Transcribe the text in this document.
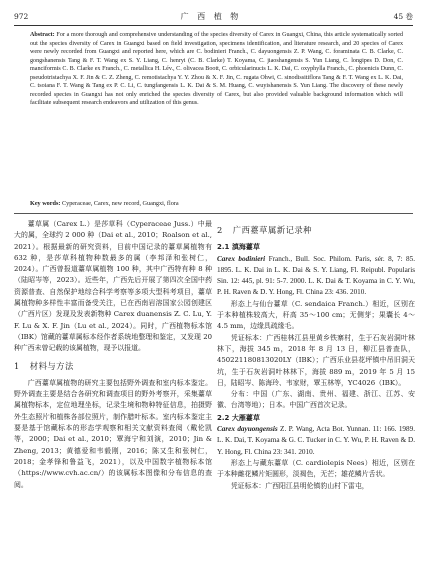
972	广 西 植 物	45 卷
Abstract: For a more thorough and comprehensive understanding of the species diversity of Carex in Guangxi, China, this article systematically sorted out the species diversity of Carex in Guangxi based on field investigation, specimens identification, and literature research, and 20 species of Carex were newly recorded from Guangxi and reported here, which are C. bodinieri Franch., C. dayuongensis Z. P. Wang, C. foraminata C. B. Clarke, C. gongshanensis Tang & F. T. Wang ex S. Y. Liang, C. henryi (C. B. Clarke) T. Koyama, C. jiaoshangensis S. Yun Liang, C. longipes D. Don, C. manciformis C. B. Clarke ex Franch., C. metallica H. Lév., C. olivacea Boott, C. orbicularinucis L. K. Dai, C. oxyphylla Franch., C. phoenicis Dunn, C. pseudotristachya X. F. Jin & C. Z. Zheng, C. remotistachya Y. Y. Zhou & X. F. Jin, C. rugata Ohwi, C. sinodissitiflora Tang & F. T. Wang ex L. K. Dai, C. tsoiana F. T. Wang & Tang ex P. C. Li, C. tungfangensis L. K. Dai & S. M. Huang, C. wuyishanensis S. Yun Liang. The discovery of these newly recorded species in Guangxi has not only enriched the species diversity of Carex, but also provided valuable background information which will facilitate subsequent research endeavors and utilization of this genus.
Key words: Cyperaceae, Carex, new record, Guangxi, flora

薹草属（Carex L.）是莎草科（Cyperaceae Juss.）中最大的属，全球约 2 000 种（Dai et al., 2010；Roalson et al., 2021）。根据最新的研究资料，目前中国记录的薹草属植物有 632 种，是莎草科植物种数最多的属（李邦泽和张树仁，2024）。广西曾报道薹草属植物 100 种，其中广西特有种 8 种（陆昭岑等，2023）。近些年，广西先后开展了第四次全国中药资源普查、自然保护地综合科学考察等多项大型科考项目，薹草属植物种多样性丰富而备受关注，已在西南岩溶国家公园创建区（广西片区）发现及发表新物种 Carex duanensis Z. C. Lu, Y. F. Lu & X. F. Jin（Lu et al., 2024）。同时，广西植物标本馆（IBK）馆藏的薹草属标本经作者系统地整理和鉴定，又发现 20 种广西未曾记载的该属植物，现予以报道。

1 材料与方法

广西薹草属植物的研究主要包括野外调查和室内标本鉴定。野外调查主要是结合各研究和调查项目的野外考察开，采集薹草属植物标本，定位地理坐标，记录生境和物种特征信息，拍摄野外生态照片和植株各部位照片，制作腊叶标本。室内标本鉴定主要是基于馆藏标本的形态学观察和相关文献资料查阅（戴伦凯等，2000；Dai et al., 2010；覃海宁和刘演，2010；Jin & Zheng, 2013；黄德爱和韦毅刚，2016；陈又生和张树仁，2018；金孝锋和鲁益飞，2021），以及中国数字植物标本馆（https://www.cvh.ac.cn/）的该属标本图像和分布信息的查阅。

2 广西薹草属新记录种
2.1 滇海薹草

Carex bodinieri Franch., Bull. Soc. Philom. Paris, sér. 8, 7: 85. 1895. L. K. Dai in L. K. Dai & S. Y. Liang, Fl. Reipubl. Popularis Sin. 12: 445, pl. 91: 5-7. 2000. L. K. Dai & T. Koyama in C. Y. Wu, P. H. Raven & D. Y. Hong, Fl. China 23: 436. 2010.

形态上与仙台薹草（C. sendaica Franch.）相近，区别在于本种植株较高大，秆高 35～100 cm；无侧芽；果囊长 4～4.5 mm，边缘具疏缘毛。

凭证标本：广西桂林江县里黄乡铁寨村，生于石灰岩洞叶林林下，海拔 345 m，2018 年 8 月 13 日，柳江县普查队，450221180813020LY（IBK）；广西乐业县花坪镇中吊旧洞天坑，生于石灰岩洞叶林林下，海拔 889 m，2019 年 5 月 15 日，陆昭岑、陈海玲、韦家财，覃玉林等，YC4026（IBK）。

分布：中国（广东、湖南、贵州、福建、浙江、江苏、安徽、台湾等地）；日本。中国广西首次记录。

2.2 大雁薹草

Carex dayuongensis Z. P. Wang, Acta Bot. Yunnan. 11: 166. 1989. L. K. Dai, T. Koyama & G. C. Tucker in C. Y. Wu, P. H. Raven & D. Y. Hong, Fl. China 23: 341. 2010.

形态上与藏东薹草（C. cardiolepis Nees）相近，区别在于本种雌花鳞片矩圆形，淡褐色，无芒；雄花鳞片舌状。

凭证标本：广西阳江县明伦镇豹山村下雷屯，
